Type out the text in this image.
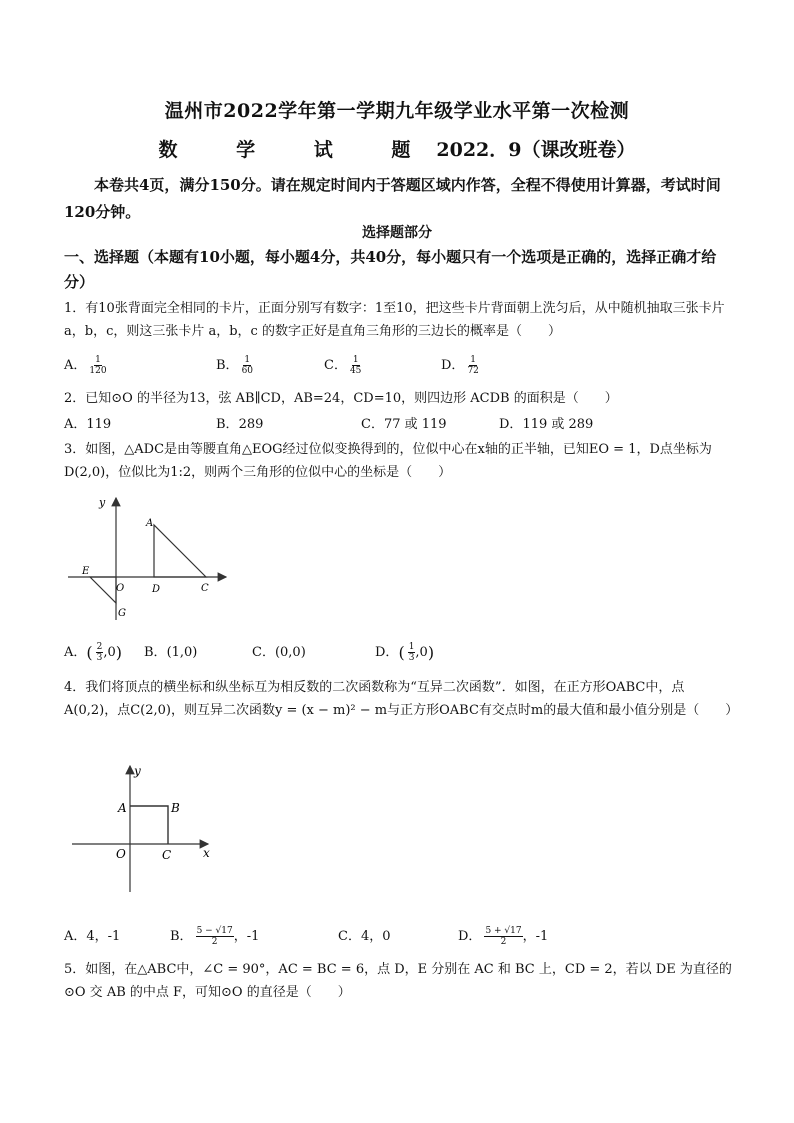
温州市2022学年第一学期九年级学业水平第一次检测
数 学 试 题2022．9（课改班卷）
本卷共4页，满分150分。请在规定时间内于答题区域内作答，全程不得使用计算器，考试时间120分钟。
选择题部分
一、选择题（本题有10小题，每小题4分，共40分，每小题只有一个选项是正确的，选择正确才给分）
1．有10张背面完全相同的卡片，正面分别写有数字：1至10，把这些卡片背面朝上洗匀后，从中随机抽取三张卡片 a，b，c，则这三张卡片 a，b，c 的数字正好是直角三角形的三边长的概率是（　　）
A． $\frac{1}{120}$	B． $\frac{1}{60}$	C． $\frac{1}{45}$	D． $\frac{1}{72}$
2．已知⊙O 的半径为13，弦 AB∥CD，AB=24，CD=10，则四边形 ACDB 的面积是（　　）
A．119	B．289	C．77 或 119	D．119 或 289
3．如图，△ADC是由等腰直角△EOG经过位似变换得到的，位似中心在x轴的正半轴，已知EO = 1，D点坐标为D(2,0)，位似比为1:2，则两个三角形的位似中心的坐标是（　　）
y
A
E
O	D	C
G
A．( $\frac{2}{3} ,0$) B．(1,0)	C．(0,0)	D．( $\frac{1}{3} ,0$)
4．我们将顶点的横坐标和纵坐标互为相反数的二次函数称为“互异二次函数”．如图，在正方形OABC中，点A(0,2)，点C(2,0)，则互异二次函数y = (x − m)² − m与正方形OABC有交点时m的最大值和最小值分别是（　　）
y
x
A	B
O	C
A．4，-1	B． $\frac{5 - √17}{2}$ ，-1	C．4，0	D． $\frac{5 + √17}{2}$ ，-1
5．如图，在△ABC中，∠C = 90°，AC = BC = 6，点 D，E 分别在 AC 和 BC 上，CD = 2，若以 DE 为直径的⊙O 交 AB 的中点 F，可知⊙O 的直径是（　　）
